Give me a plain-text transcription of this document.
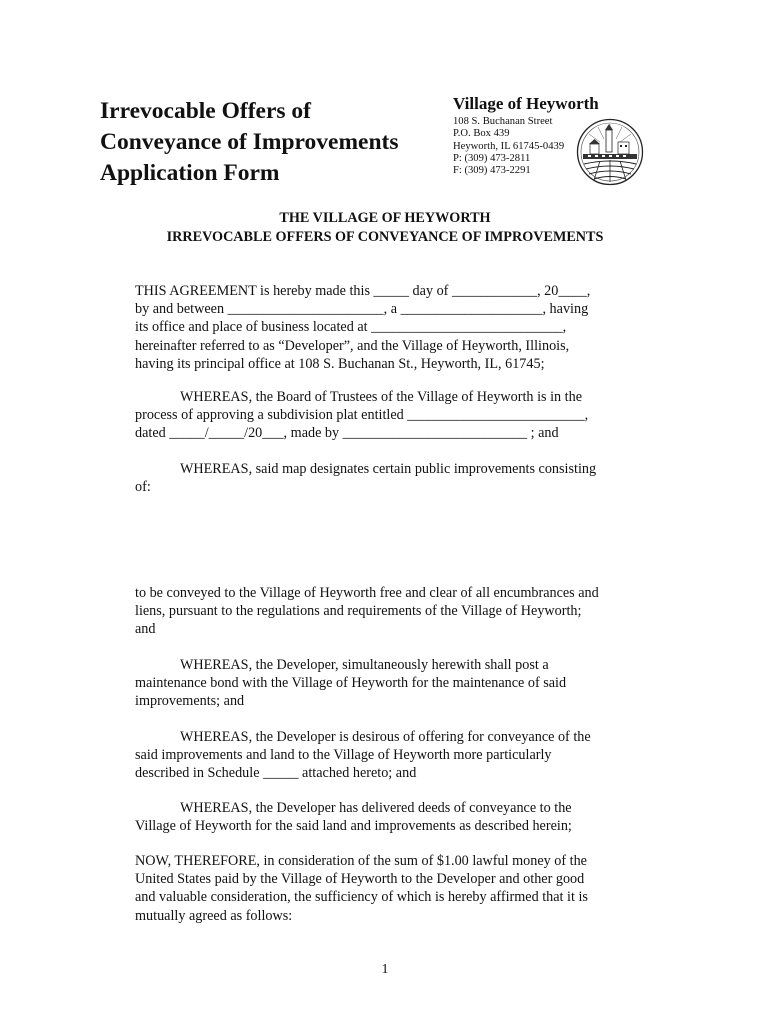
Irrevocable Offers of
Conveyance of Improvements
Application Form

Village of Heyworth

108 S. Buchanan Street
P.O. Box 439
Heyworth, IL 61745-0439
P: (309) 473-2811
F: (309) 473-2291

THE VILLAGE OF HEYWORTH

IRREVOCABLE OFFERS OF CONVEYANCE OF IMPROVEMENTS

THIS AGREEMENT is hereby made this _____ day of ____________, 20____,
by and between ______________________, a ____________________, having
its office and place of business located at ___________________________,
hereinafter referred to as “Developer”, and the Village of Heyworth, Illinois,
having its principal office at 108 S. Buchanan St., Heyworth, IL, 61745;

WHEREAS, the Board of Trustees of the Village of Heyworth is in the
process of approving a subdivision plat entitled _________________________,
dated _____/_____/20___, made by __________________________ ; and

WHEREAS, said map designates certain public improvements consisting
of:

to be conveyed to the Village of Heyworth free and clear of all encumbrances and
liens, pursuant to the regulations and requirements of the Village of Heyworth;
and

WHEREAS, the Developer, simultaneously herewith shall post a
maintenance bond with the Village of Heyworth for the maintenance of said
improvements; and

WHEREAS, the Developer is desirous of offering for conveyance of the
said improvements and land to the Village of Heyworth more particularly
described in Schedule _____ attached hereto; and

WHEREAS, the Developer has delivered deeds of conveyance to the
Village of Heyworth for the said land and improvements as described herein;

NOW, THEREFORE, in consideration of the sum of $1.00 lawful money of the
United States paid by the Village of Heyworth to the Developer and other good
and valuable consideration, the sufficiency of which is hereby affirmed that it is
mutually agreed as follows:

1
